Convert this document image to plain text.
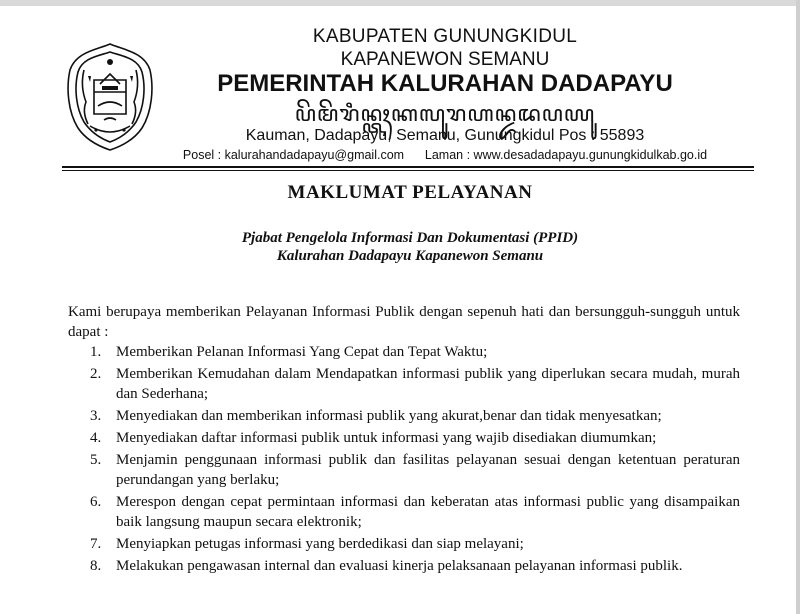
KABUPATEN GUNUNGKIDUL
KAPANEWON SEMANU
PEMERINTAH KALURAHAN DADAPAYU
ꦥꦼꦩꦼꦫꦶꦤ꧀ꦠꦃꦏꦭꦸꦫꦲꦤ꧀ꦢꦢꦥꦪꦸ
Kauman, Dadapayu, Semanu, Gunungkidul Pos : 55893
Posel : kalurahandadapayu@gmail.com      Laman : www.desadadapayu.gunungkidulkab.go.id
MAKLUMAT PELAYANAN
Pjabat Pengelola Informasi Dan Dokumentasi (PPID)
Kalurahan Dadapayu Kapanewon Semanu

Kami berupaya memberikan Pelayanan Informasi Publik dengan sepenuh hati dan bersungguh-sungguh untuk dapat :

1. Memberikan Pelanan Informasi Yang Cepat dan Tepat Waktu;
2. Memberikan Kemudahan dalam Mendapatkan informasi publik yang diperlukan secara mudah, murah dan Sederhana;
3. Menyediakan dan memberikan informasi publik yang akurat,benar dan tidak menyesatkan;
4. Menyediakan daftar informasi publik untuk informasi yang wajib disediakan diumumkan;
5. Menjamin penggunaan informasi publik dan fasilitas pelayanan sesuai dengan ketentuan peraturan perundangan yang berlaku;
6. Merespon dengan cepat permintaan informasi dan keberatan atas informasi public yang disampaikan baik langsung maupun secara elektronik;
7. Menyiapkan petugas informasi yang berdedikasi dan siap melayani;
8. Melakukan pengawasan internal dan evaluasi kinerja pelaksanaan pelayanan informasi publik.
